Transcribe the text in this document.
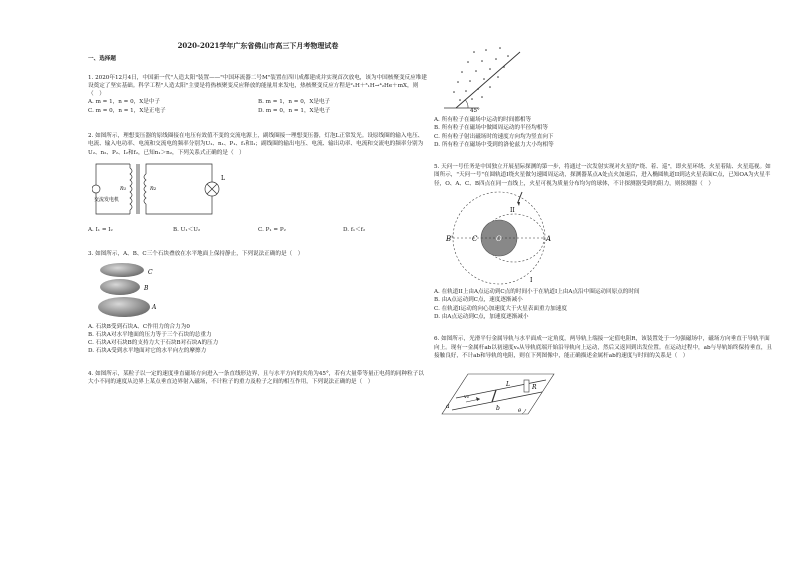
2020-2021学年广东省佛山市高三下月考物理试卷
一、选择题

1. 2020年12月4日，中国新一代"人造太阳"装置——"中国环流器二号M"装置在四川成都建成并实现首次放电，该为中国核聚变反应堆建设奠定了坚实基础。科学工程"人造太阳"主要是将热核聚变反应释放的能量用来发电，热核聚变反应方程是²₁H＋³₁H→⁴₂He＋mX，则（　）

A. m = 1，n = 0，X是中子	B. m = 1，n = 0，X是电子
C. m = 0，n = 1，X是正电子	D. m = 0，n = 1，X是电子

2. 如图所示，理想变压器的原线圈接在电压有效值不变的交流电源上，副线圈接一理想变压器，灯泡L正常发光。设原线圈的输入电压、电流、输入电功率、电流和交流电的频率分别为U₁、n₁、P₁、f₁和I₁；副线圈的输出电压、电流、输出功率、电流和交流电的频率分别为U₂、n₂、P₂、I₂和f₂，已知n₁＞n₂，下列关系式正确的是（　）

交流发电机
n₁	n₂
L
A. I₁ = I₂	B. U₁＜U₂	C. P₁ = P₂	D. f₁＜f₂

3. 如图所示，A、B、C三个石块叠放在水平地面上保持静止，下列说法正确的是（　）

C
B
A

A. 石块B受到石块A、C作用力的合力为0

B. 石块A对水平地面的压力等于三个石块的总重力

C. 石块A对石块B的支持力大于石块B对石块A的压力

D. 石块A受到水平地面对它的水平向左的摩擦力

4. 如图所示，某粒子以一定的速度垂直磁场方向进入一条直线形边界，且与水平方向的夹角为45°，若有大量带等量正电荷的同种粒子以大小不同的速度从边界上某点垂直边界射入磁场，不计粒子的重力及粒子之间的相互作用，下列说法正确的是（　）

45°

A. 所有粒子在磁场中运动的时间都相等

B. 所有粒子在磁场中做圆周运动的半径均相等

C. 所有粒子射出磁场时的速度方向均为竖直向下

D. 所有粒子在磁场中受到的洛伦兹力大小均相等

5. 天问一号任务是中国独立开展星际探测的第一步，将通过一次发射实现对火星的"绕、着、巡"，即火星环绕、火星着陆、火星巡视。如图所示，"天问一号"在圆轨道I绕火星做匀速圆周运动，探测器某点A处点火加速后，进入椭圆轨道II到达火星表面C点，已知OA为火星半径，O、A、C、B四点在同一直线上，火星可视为质量分布均匀的球体，不计探测器受到的阻力，则探测器（　）

B'	C	O	A
II
I

A. 在轨道II上由A点运动到C点的时间小于在轨道I上由A点沿中圈运动回原点的时间

B. 由A点运动到C点，速度逐渐减小

C. 在轨道I运动的向心加速度大于火星表面重力加速度

D. 由A点运动到C点，加速度逐渐减小

6. 如图所示，光滑平行金属导轨与水平面成一定角度，两导轨上端接一定值电阻R，该装置处于一匀强磁场中，磁场方向垂直于导轨平面向上。现有一金属杆ab以初速度v₀从导轨底端开始沿导轨向上运动，然后又返回到出发位置。在运动过程中，ab与导轨始终保持垂直，且接触良好，不计ab和导轨的电阻，则在下列图像中，能正确描述金属杆ab的速度与时间的关系是（　）

R
L
a	b
v₀
θ
